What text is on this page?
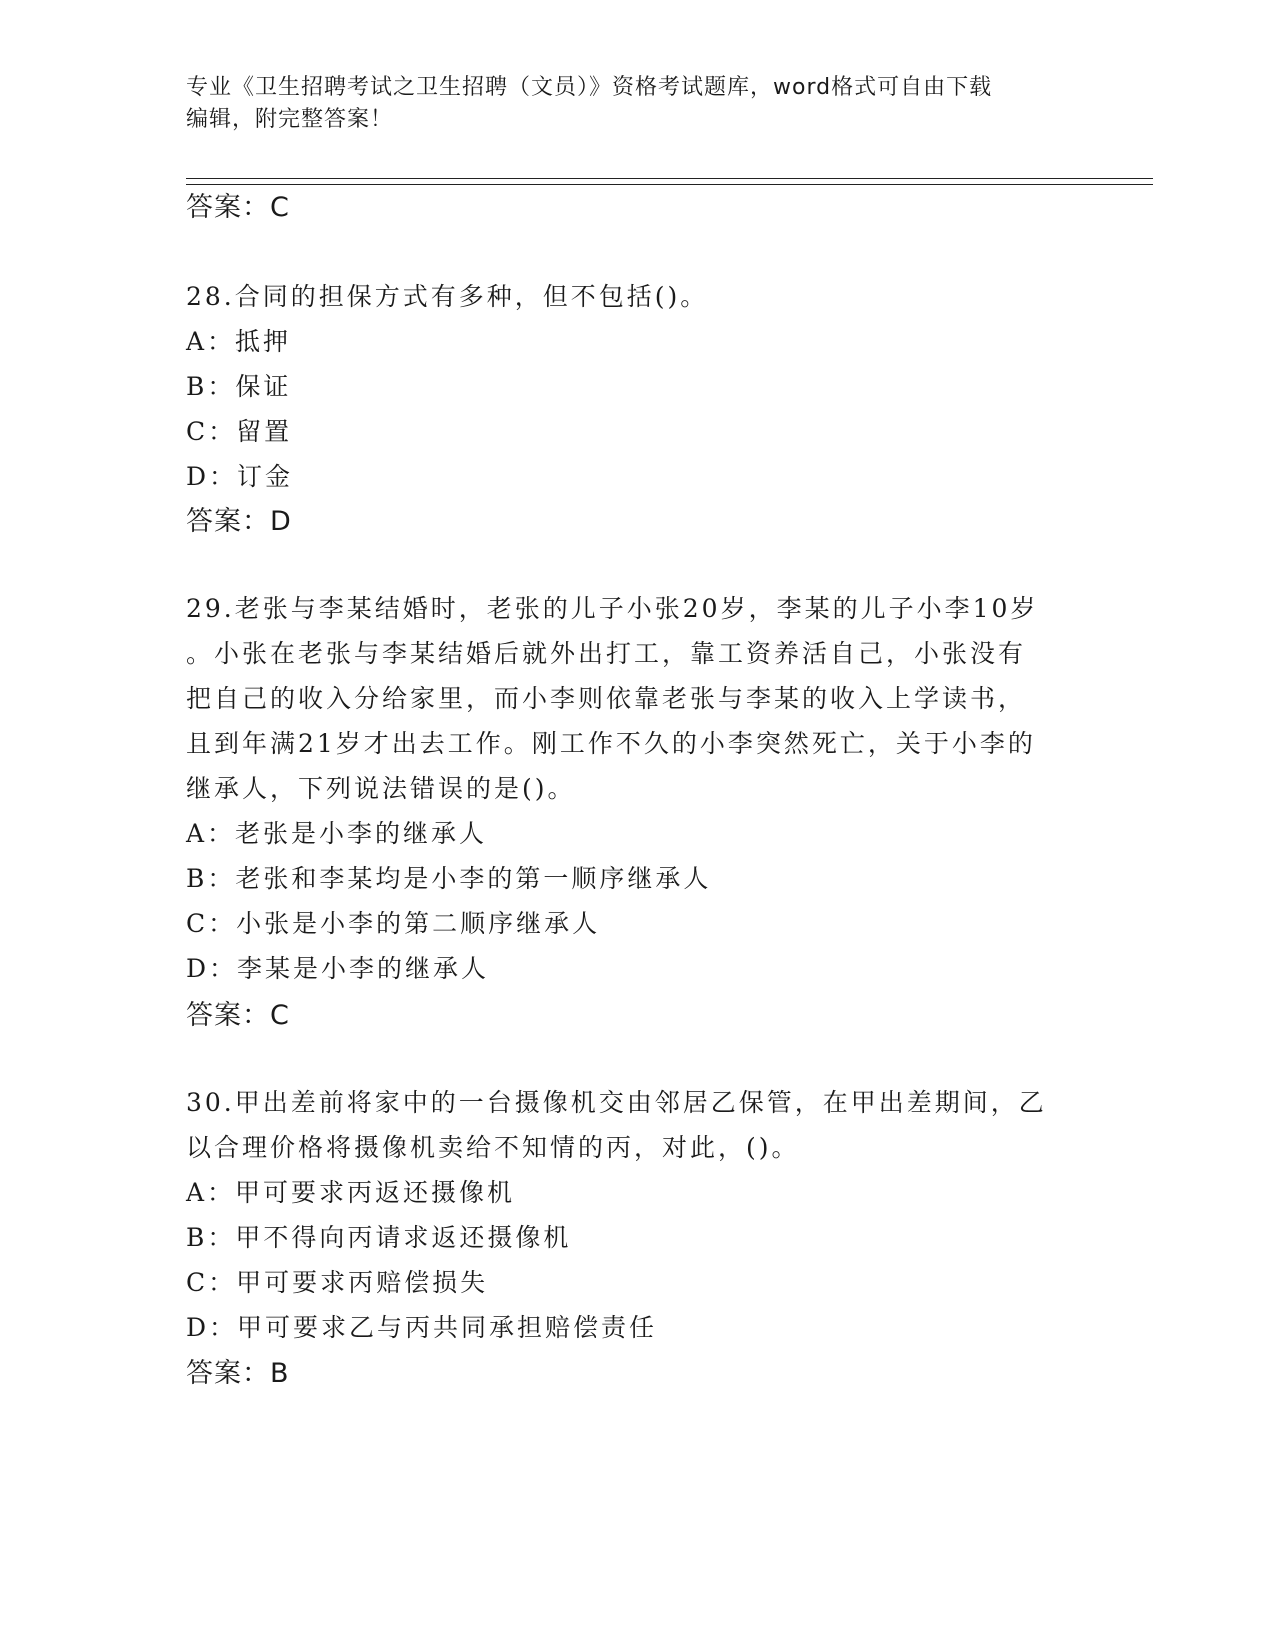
专业《卫生招聘考试之卫生招聘（文员）》资格考试题库，word格式可自由下载
编辑，附完整答案！
答案：C
28.合同的担保方式有多种，但不包括()。
A：抵押
B：保证
C：留置
D：订金
答案：D
29.老张与李某结婚时，老张的儿子小张20岁，李某的儿子小李10岁
。小张在老张与李某结婚后就外出打工，靠工资养活自己，小张没有
把自己的收入分给家里，而小李则依靠老张与李某的收入上学读书，
且到年满21岁才出去工作。刚工作不久的小李突然死亡，关于小李的
继承人，下列说法错误的是()。
A：老张是小李的继承人
B：老张和李某均是小李的第一顺序继承人
C：小张是小李的第二顺序继承人
D：李某是小李的继承人
答案：C
30.甲出差前将家中的一台摄像机交由邻居乙保管，在甲出差期间，乙
以合理价格将摄像机卖给不知情的丙，对此，()。
A：甲可要求丙返还摄像机
B：甲不得向丙请求返还摄像机
C：甲可要求丙赔偿损失
D：甲可要求乙与丙共同承担赔偿责任
答案：B
